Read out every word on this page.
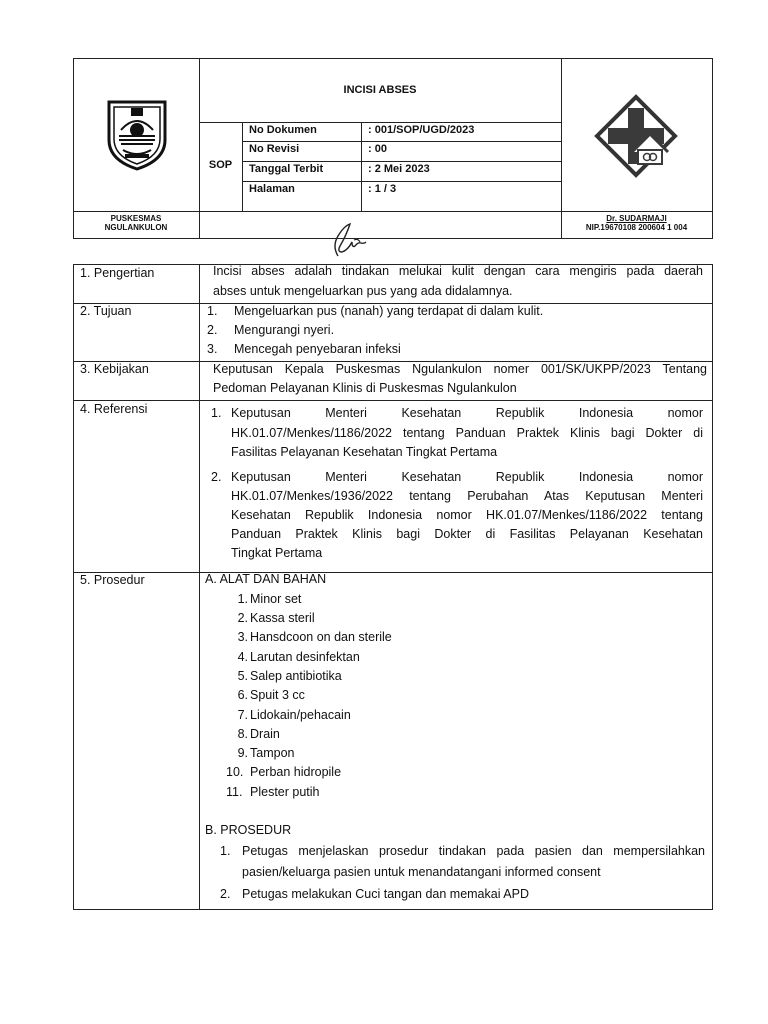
INCISI ABSES
SOP
No Dokumen	: 001/SOP/UGD/2023
No Revisi	: 00
Tanggal Terbit	: 2 Mei 2023
Halaman	: 1 / 3
PUSKESMAS
NGULANKULON
Dr. SUDARMAJI
NIP.19670108 200604 1 004
1. Pengertian	Incisi abses adalah tindakan melukai kulit dengan cara mengiris pada daerah
abses untuk mengeluarkan pus yang ada didalamnya.
2. Tujuan	1. Mengeluarkan pus (nanah) yang terdapat di dalam kulit.
2. Mengurangi nyeri.
3. Mencegah penyebaran infeksi
3. Kebijakan	Keputusan Kepala Puskesmas Ngulankulon nomer 001/SK/UKPP/2023 Tentang
Pedoman Pelayanan Klinis di Puskesmas Ngulankulon
4. Referensi	1. Keputusan Menteri Kesehatan Republik Indonesia nomor
HK.01.07/Menkes/1186/2022 tentang Panduan Praktek Klinis bagi Dokter di
Fasilitas Pelayanan Kesehatan Tingkat Pertama
2. Keputusan Menteri Kesehatan Republik Indonesia nomor
HK.01.07/Menkes/1936/2022 tentang Perubahan Atas Keputusan Menteri
Kesehatan Republik Indonesia nomor HK.01.07/Menkes/1186/2022 tentang
Panduan Praktek Klinis bagi Dokter di Fasilitas Pelayanan Kesehatan
Tingkat Pertama
5. Prosedur	A. ALAT DAN BAHAN
1. Minor set
2. Kassa steril
3. Hansdcoon on dan sterile
4. Larutan desinfektan
5. Salep antibiotika
6. Spuit 3 cc
7. Lidokain/pehacain
8. Drain
9. Tampon
10. Perban hidropile
11. Plester putih
B. PROSEDUR
1. Petugas menjelaskan prosedur tindakan pada pasien dan mempersilahkan
pasien/keluarga pasien untuk menandatangani informed consent
2. Petugas melakukan Cuci tangan dan memakai APD
